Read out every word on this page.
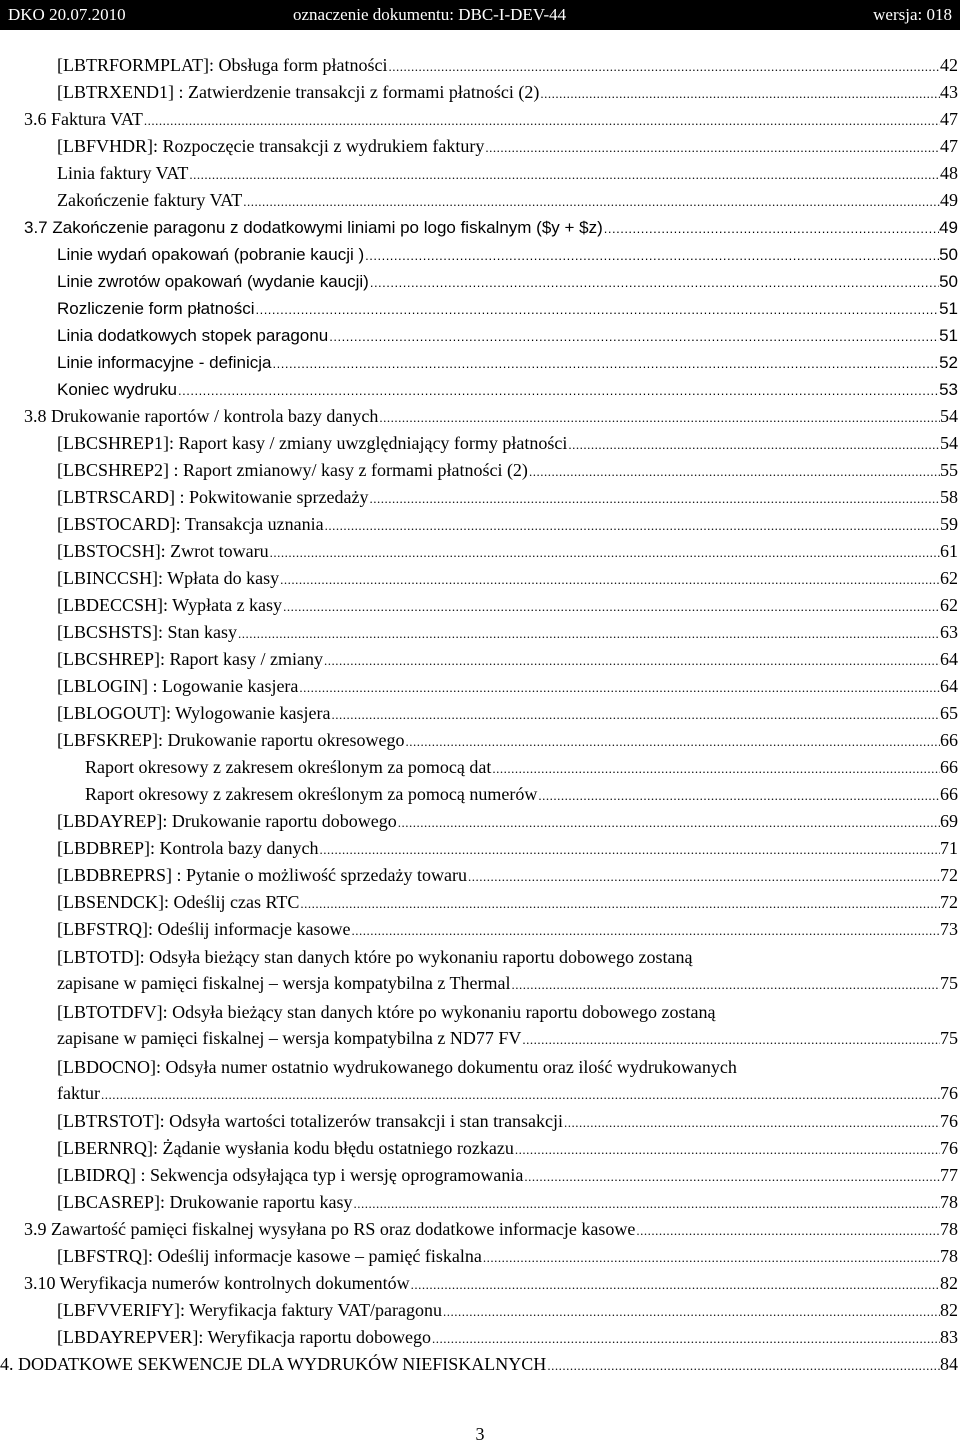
DKO 20.07.2010	oznaczenie dokumentu: DBC-I-DEV-44	wersja: 018
[LBTRFORMPLAT]: Obsługa form płatności .....	42
[LBTRXEND1] : Zatwierdzenie transakcji z formami płatności (2) .....	43
3.6 Faktura VAT .....	47
[LBFVHDR]: Rozpoczęcie transakcji z wydrukiem faktury .....	47
Linia faktury VAT .....	48
Zakończenie faktury VAT .....	49
3.7 Zakończenie paragonu z dodatkowymi liniami po logo fiskalnym ($y + $z) .....	49
Linie wydań opakowań (pobranie kaucji ) .....	50
Linie zwrotów opakowań (wydanie kaucji) .....	50
Rozliczenie form płatności .....	51
Linia dodatkowych stopek paragonu .....	51
Linie informacyjne - definicja .....	52
Koniec wydruku .....	53
3.8 Drukowanie raportów / kontrola bazy danych .....	54
[LBCSHREP1]: Raport kasy / zmiany uwzględniający formy płatności .....	54
[LBCSHREP2] : Raport zmianowy/ kasy z formami płatności (2) .....	55
[LBTRSCARD] : Pokwitowanie sprzedaży .....	58
[LBSTOCARD]: Transakcja uznania .....	59
[LBSTOCSH]: Zwrot towaru .....	61
[LBINCCSH]: Wpłata do kasy .....	62
[LBDECCSH]: Wypłata z kasy .....	62
[LBCSHSTS]: Stan kasy .....	63
[LBCSHREP]: Raport kasy / zmiany .....	64
[LBLOGIN] : Logowanie kasjera .....	64
[LBLOGOUT]: Wylogowanie kasjera .....	65
[LBFSKREP]: Drukowanie raportu okresowego .....	66
Raport okresowy z zakresem określonym za pomocą dat .....	66
Raport okresowy z zakresem określonym za pomocą numerów .....	66
[LBDAYREP]: Drukowanie raportu dobowego .....	69
[LBDBREP]: Kontrola bazy danych .....	71
[LBDBREPRS] : Pytanie o możliwość sprzedaży towaru .....	72
[LBSENDCK]: Odeślij czas RTC .....	72
[LBFSTRQ]: Odeślij informacje kasowe .....	73
[LBTOTD]: Odsyła bieżący stan danych które po wykonaniu raportu dobowego zostaną
zapisane w pamięci fiskalnej – wersja kompatybilna z Thermal .....	75
[LBTOTDFV]: Odsyła bieżący stan danych które po wykonaniu raportu dobowego zostaną
zapisane w pamięci fiskalnej – wersja kompatybilna z ND77 FV .....	75
[LBDOCNO]: Odsyła numer ostatnio wydrukowanego dokumentu oraz ilość wydrukowanych
faktur .....	76
[LBTRSTOT]: Odsyła wartości totalizerów transakcji i stan transakcji .....	76
[LBERNRQ]: Żądanie wysłania kodu błędu ostatniego rozkazu .....	76
[LBIDRQ] : Sekwencja odsyłająca typ i wersję oprogramowania .....	77
[LBCASREP]: Drukowanie raportu kasy .....	78
3.9 Zawartość pamięci fiskalnej wysyłana po RS oraz dodatkowe informacje kasowe .....	78
[LBFSTRQ]: Odeślij informacje kasowe – pamięć fiskalna .....	78
3.10 Weryfikacja numerów kontrolnych dokumentów .....	82
[LBFVVERIFY]: Weryfikacja faktury VAT/paragonu .....	82
[LBDAYREPVER]: Weryfikacja raportu dobowego .....	83
4. DODATKOWE SEKWENCJE DLA WYDRUKÓW NIEFISKALNYCH .....	84
3
